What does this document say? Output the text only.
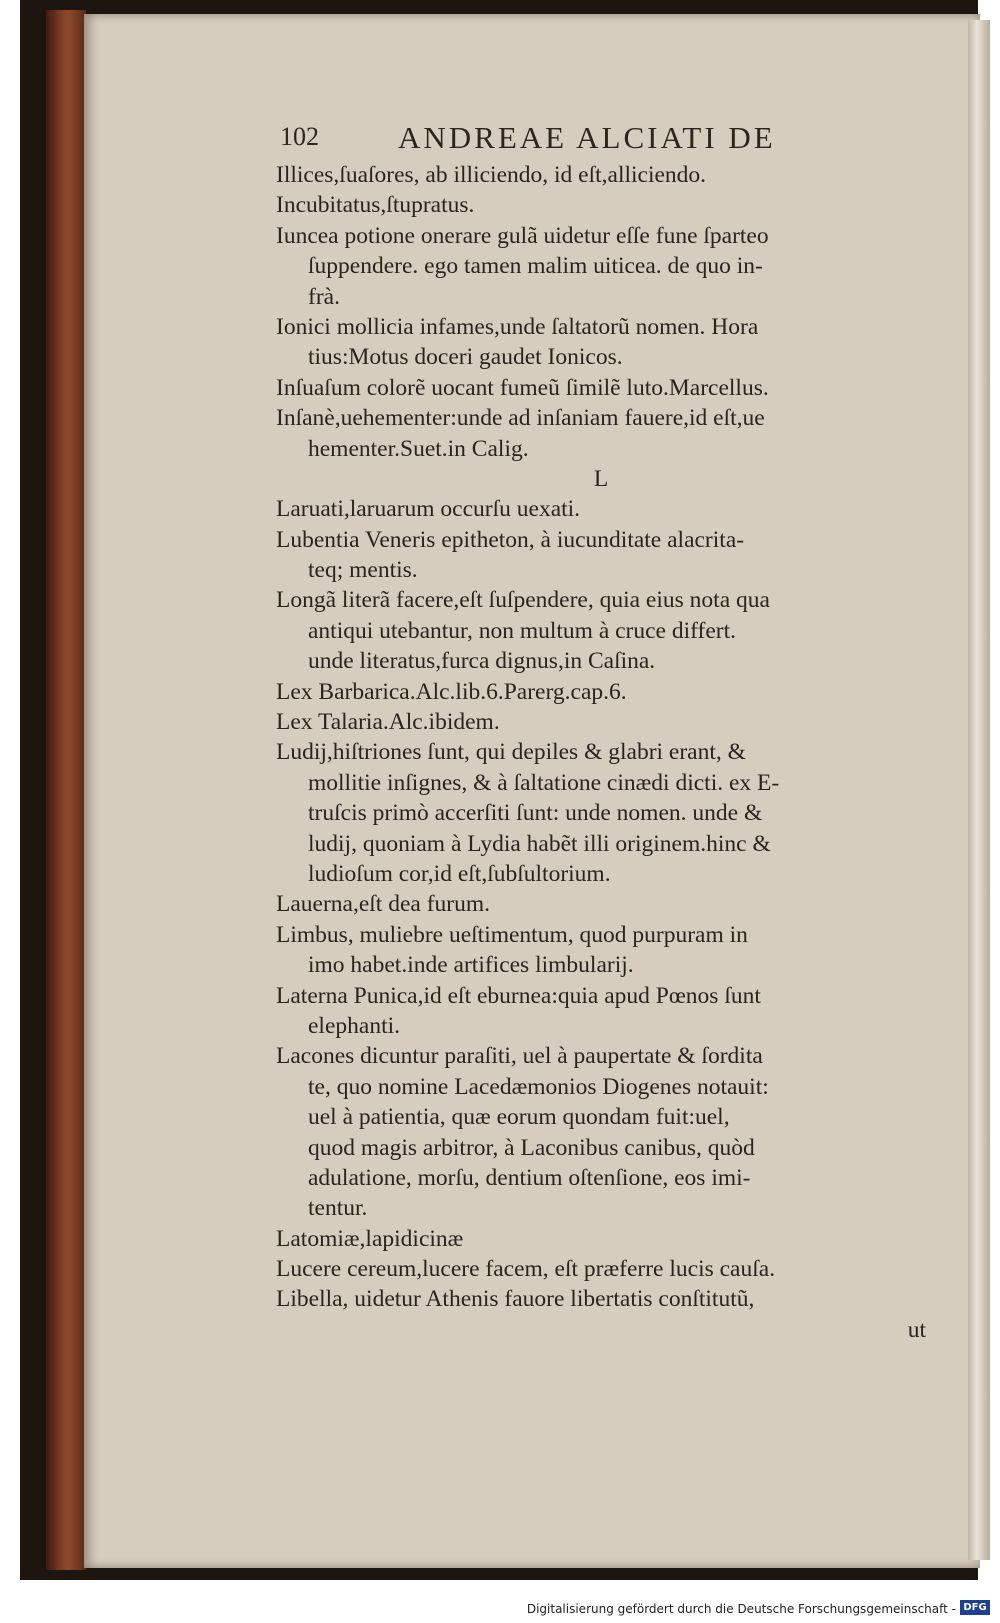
102	ANDREAE ALCIATI DE
Illices,ſuaſores, ab illiciendo, id eſt,alliciendo.
Incubitatus,ſtupratus.
Iuncea potione onerare gulã uidetur eſſe fune ſparteo
ſuppendere. ego tamen malim uiticea. de quo in-
frà.
Ionici mollicia infames,unde ſaltatorũ nomen. Hora
tius:Motus doceri gaudet Ionicos.
Inſuaſum colorẽ uocant fumeũ ſimilẽ luto.Marcellus.
Inſanè,uehementer:unde ad inſaniam fauere,id eſt,ue
hementer.Suet.in Calig.
L
Laruati,laruarum occurſu uexati.
Lubentia Veneris epitheton, à iucunditate alacrita-
teq; mentis.
Longã literã facere,eſt ſuſpendere, quia eius nota qua
antiqui utebantur, non multum à cruce differt.
unde literatus,furca dignus,in Caſina.
Lex Barbarica.Alc.lib.6.Parerg.cap.6.
Lex Talaria.Alc.ibidem.
Ludij,hiſtriones ſunt, qui depiles & glabri erant, &
mollitie inſignes, & à ſaltatione cinædi dicti. ex E-
truſcis primò accerſiti ſunt: unde nomen. unde &
ludij, quoniam à Lydia habẽt illi originem.hinc &
ludioſum cor,id eſt,ſubſultorium.
Lauerna,eſt dea furum.
Limbus, muliebre ueſtimentum, quod purpuram in
imo habet.inde artifices limbularij.
Laterna Punica,id eſt eburnea:quia apud Pœnos ſunt
elephanti.
Lacones dicuntur paraſiti, uel à paupertate & ſordita
te, quo nomine Lacedæmonios Diogenes notauit:
uel à patientia, quæ eorum quondam fuit:uel,
quod magis arbitror, à Laconibus canibus, quòd
adulatione, morſu, dentium oſtenſione, eos imi-
tentur.
Latomiæ,lapidicinæ
Lucere cereum,lucere facem, eſt præferre lucis cauſa.
Libella, uidetur Athenis fauore libertatis conſtitutũ,
ut
Digitalisierung gefördert durch die Deutsche Forschungsgemeinschaft - DFG
